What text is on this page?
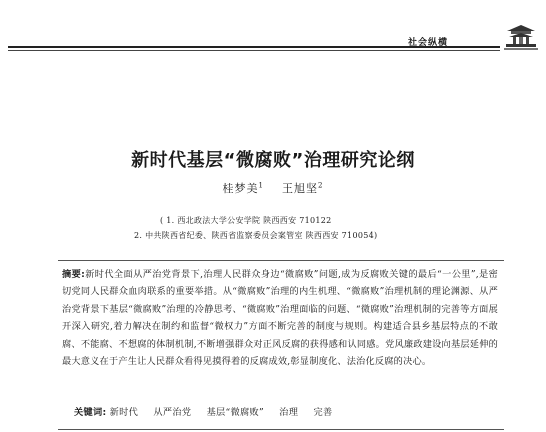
社会纵横
新时代基层“微腐败”治理研究论纲
桂梦美$^1$ 王旭坚$^2$
( 1. 西北政法大学公安学院 陕西西安 710122
2. 中共陕西省纪委、陕西省监察委员会案管室 陕西西安 710054)
摘要:新时代全面从严治党背景下,治理人民群众身边“微腐败”问题,成为反腐败关键的最后“一公里”,是密切党同人民群众血肉联系的重要举措。从“微腐败”治理的内生机理、“微腐败”治理机制的理论渊源、从严治党背景下基层“微腐败”治理的冷静思考、“微腐败”治理面临的问题、“微腐败”治理机制的完善等方面展开深入研究,着力解决在制约和监督“微权力”方面不断完善的制度与规则。构建适合县乡基层特点的不敢腐、不能腐、不想腐的体制机制,不断增强群众对正风反腐的获得感和认同感。党风廉政建设向基层延伸的最大意义在于产生让人民群众看得见摸得着的反腐成效,彰显制度化、法治化反腐的决心。
关键词: 新时代 从严治党 基层“微腐败” 治理 完善
